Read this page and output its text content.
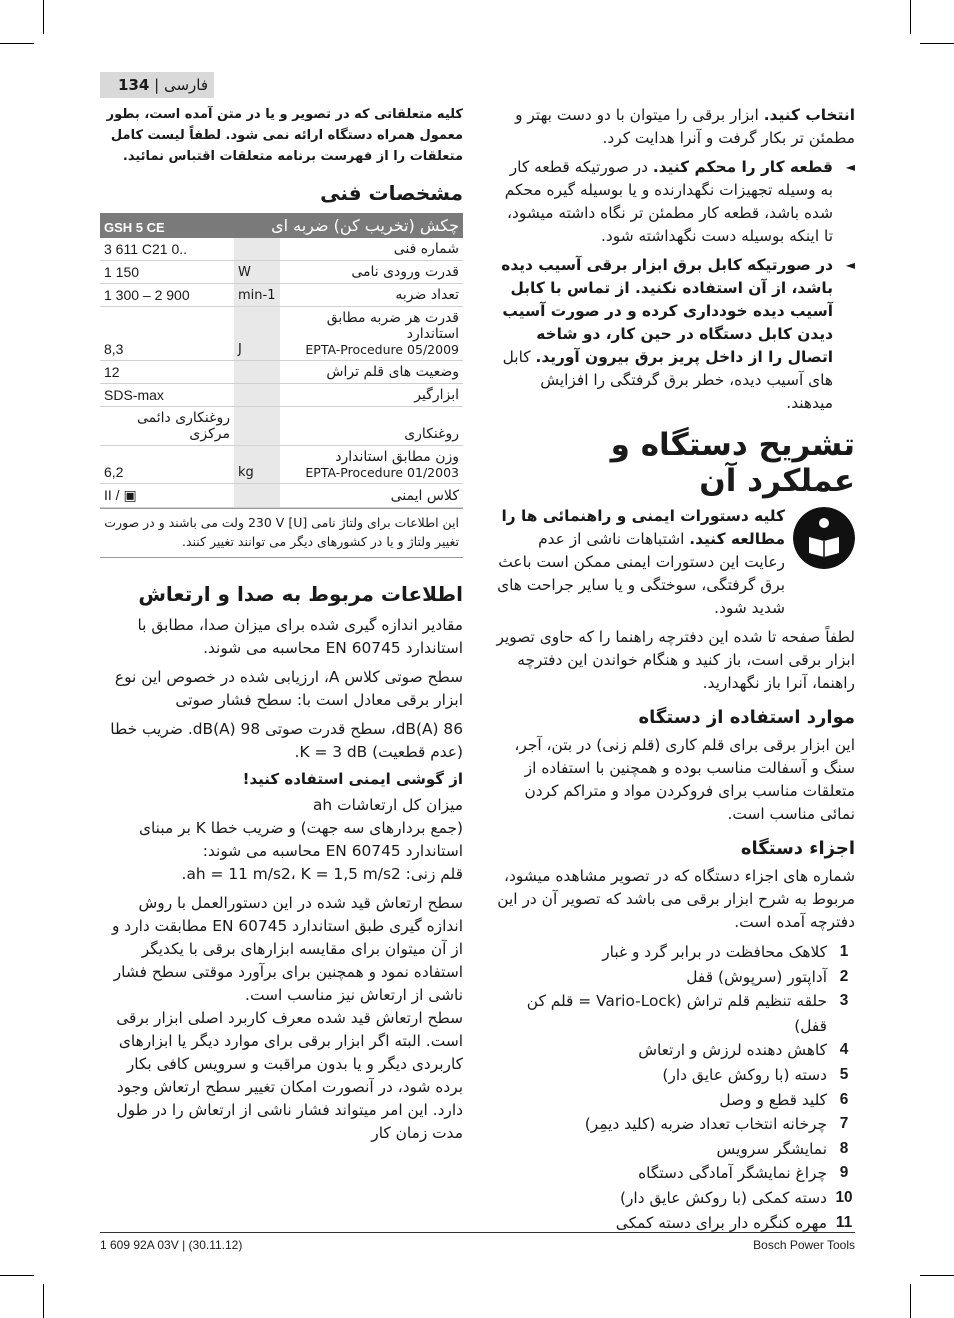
فارسی | 134

کلیه متعلقاتی که در تصویر و یا در متن آمده است، بطور معمول همراه دستگاه ارائه نمی شود. لطفاً لیست کامل متعلقات را از فهرست برنامه متعلقات اقتباس نمائید.

مشخصات فنی
چکش (تخریب کن) ضربه ای		GSH 5 CE
شماره فنی		3 611 C21 0..
قدرت ورودی نامی	W	1 150
تعداد ضربه	min-1	1 300 – 2 900
قدرت هر ضربه مطابق استاندارد
EPTA-Procedure 05/2009	J	8,3
وضعیت های قلم تراش		12
ابزارگیر		SDS-max
روغنکاری		روغنکاری دائمی مرکزی
وزن مطابق استاندارد
EPTA-Procedure 01/2003	kg	6,2
کلاس ایمنی		II / ▣
این اطلاعات برای ولتاژ نامی [U] 230 V ولت می باشند و در صورت تغییر ولتاژ و یا در کشورهای دیگر می توانند تغییر کنند.
اطلاعات مربوط به صدا و ارتعاش

مقادیر اندازه گیری شده برای میزان صدا، مطابق با استاندارد EN 60745 محاسبه می شوند.

سطح صوتی کلاس A، ارزیابی شده در خصوص این نوع ابزار برقی معادل است با: سطح فشار صوتی

86 dB(A)، سطح قدرت صوتی 98 dB(A). ضریب خطا (عدم قطعیت) K = 3 dB.

از گوشی ایمنی استفاده کنید!

میزان کل ارتعاشات ah

(جمع بردارهای سه جهت) و ضریب خطا K بر مبنای استاندارد EN 60745 محاسبه می شوند:

قلم زنی: ah = 11 m/s2، K = 1,5 m/s2.

سطح ارتعاش قید شده در این دستورالعمل با روش اندازه گیری طبق استاندارد EN 60745 مطابقت دارد و از آن میتوان برای مقایسه ابزارهای برقی با یکدیگر استفاده نمود و همچنین برای برآورد موقتی سطح فشار ناشی از ارتعاش نیز مناسب است.

سطح ارتعاش قید شده معرف کاربرد اصلی ابزار برقی است. البته اگر ابزار برقی برای موارد دیگر یا ابزارهای کاربردی دیگر و یا بدون مراقبت و سرویس کافی بکار برده شود، در آنصورت امکان تغییر سطح ارتعاش وجود دارد. این امر میتواند فشار ناشی از ارتعاش را در طول مدت زمان کار

انتخاب کنید. ابزار برقی را میتوان با دو دست بهتر و مطمئن تر بکار گرفت و آنرا هدایت کرد.

◄ قطعه کار را محکم کنید. در صورتیکه قطعه کار به وسیله تجهیزات نگهدارنده و یا بوسیله گیره محکم شده باشد، قطعه کار مطمئن تر نگاه داشته میشود، تا اینکه بوسیله دست نگهداشته شود.

◄ در صورتیکه کابل برق ابزار برقی آسیب دیده باشد، از آن استفاده نکنید. از تماس با کابل آسیب دیده خودداری کرده و در صورت آسیب دیدن کابل دستگاه در حین کار، دو شاخه اتصال را از داخل پریز برق بیرون آورید. کابل های آسیب دیده، خطر برق گرفتگی را افزایش میدهند.

تشریح دستگاه و عملکرد آن

کلیه دستورات ایمنی و راهنمائی ها را مطالعه کنید. اشتباهات ناشی از عدم رعایت این دستورات ایمنی ممکن است باعث برق گرفتگی، سوختگی و یا سایر جراحت های شدید شود.

لطفاً صفحه تا شده این دفترچه راهنما را که حاوی تصویر ابزار برقی است، باز کنید و هنگام خواندن این دفترچه راهنما، آنرا باز نگهدارید.

موارد استفاده از دستگاه

این ابزار برقی برای قلم کاری (قلم زنی) در بتن، آجر، سنگ و آسفالت مناسب بوده و همچنین با استفاده از متعلقات مناسب برای فروکردن مواد و متراکم کردن نمائی مناسب است.

اجزاء دستگاه

شماره های اجزاء دستگاه که در تصویر مشاهده میشود، مربوط به شرح ابزار برقی می باشد که تصویر آن در این دفترچه آمده است.

1
کلاهک محافظت در برابر گرد و غبار
2
آداپتور (سرپوش) قفل
3
حلقه تنظیم قلم تراش (Vario-Lock = قلم کن قفل)
4
کاهش دهنده لرزش و ارتعاش
5
دسته (با روکش عایق دار)
6
کلید قطع و وصل
7
چرخانه انتخاب تعداد ضربه (کلید دیمِر)
8
نمایشگر سرویس
9
چراغ نمایشگر آمادگی دستگاه
10
دسته کمکی (با روکش عایق دار)
11
مهره کنگره دار برای دسته کمکی
1 609 92A 03V | (30.11.12)	Bosch Power Tools
